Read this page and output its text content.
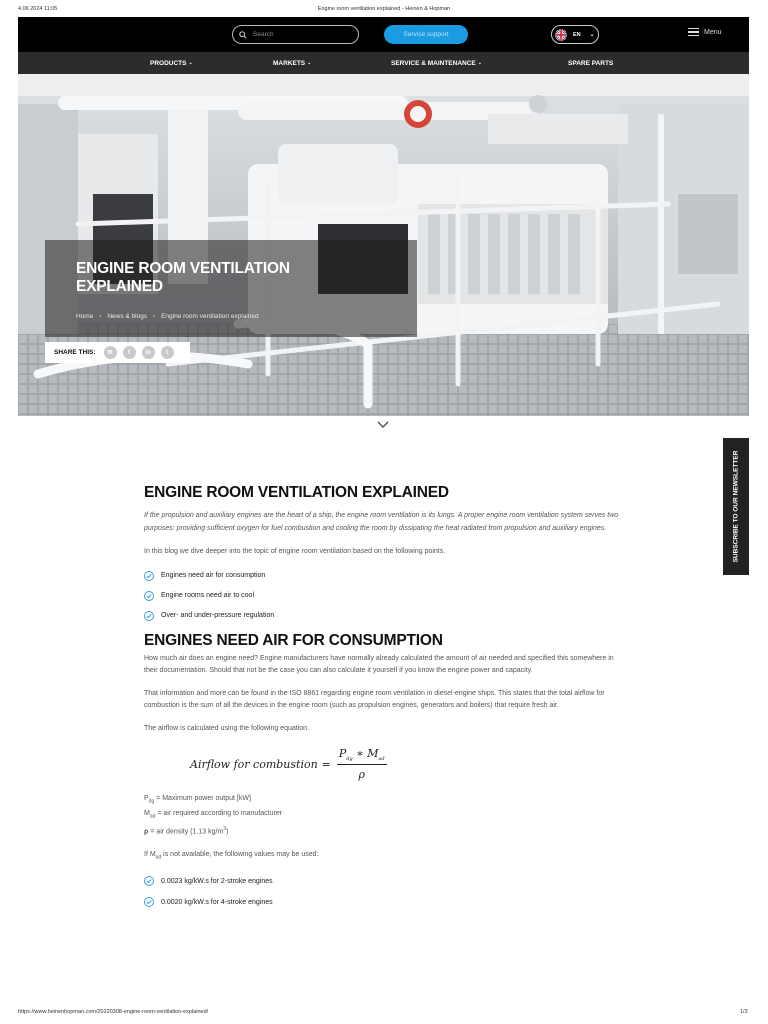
4.06.2024 11:05	Engine room ventilation explained - Heinen & Hopman
Search
Service support	EN ⌄	Menu
PRODUCTS ⌄	MARKETS ⌄	SERVICE & MAINTENANCE ⌄	SPARE PARTS
ENGINE ROOM VENTILATION EXPLAINED
Home › News & blogs › Engine room ventilation explained
SHARE THIS:	✉	f	in	t
SUBSCRIBE TO OUR NEWSLETTER
ENGINE ROOM VENTILATION EXPLAINED

If the propulsion and auxiliary engines are the heart of a ship, the engine room ventilation is its lungs. A proper engine room ventilation system serves two purposes: providing sufficient oxygen for fuel combustion and cooling the room by dissipating the heat radiated from propulsion and auxiliary engines.

In this blog we dive deeper into the topic of engine room ventilation based on the following points.

Engines need air for consumption
Engine rooms need air to cool
Over- and under-pressure regulation
ENGINES NEED AIR FOR CONSUMPTION

How much air does an engine need? Engine manufacturers have normally already calculated the amount of air needed and specified this somewhere in their documentation. Should that not be the case you can also calculate it yourself if you know the engine power and capacity.

That information and more can be found in the ISO 8861 regarding engine room ventilation in diesel-engine ships. This states that the total airflow for combustion is the sum of all the devices in the engine room (such as propulsion engines, generators and boilers) that require fresh air.

The airflow is calculated using the following equation.

Airflow for combustion = $\frac{P_{dg} ∗ M_{ad}}{\rho}$
$P_{dg}$ = Maximum power output [kW]
$M_{ad}$ = air required according to manufacturer
ρ = air density (1.13 $kg/m^3$)

If $M_{ad}$ is not available, the following values may be used:

0.0023 kg/kW.s for 2-stroke engines
0.0020 kg/kW.s for 4-stroke engines
https://www.heinenhopman.com/20220308-engine-room-ventilation-explained/	1/3
